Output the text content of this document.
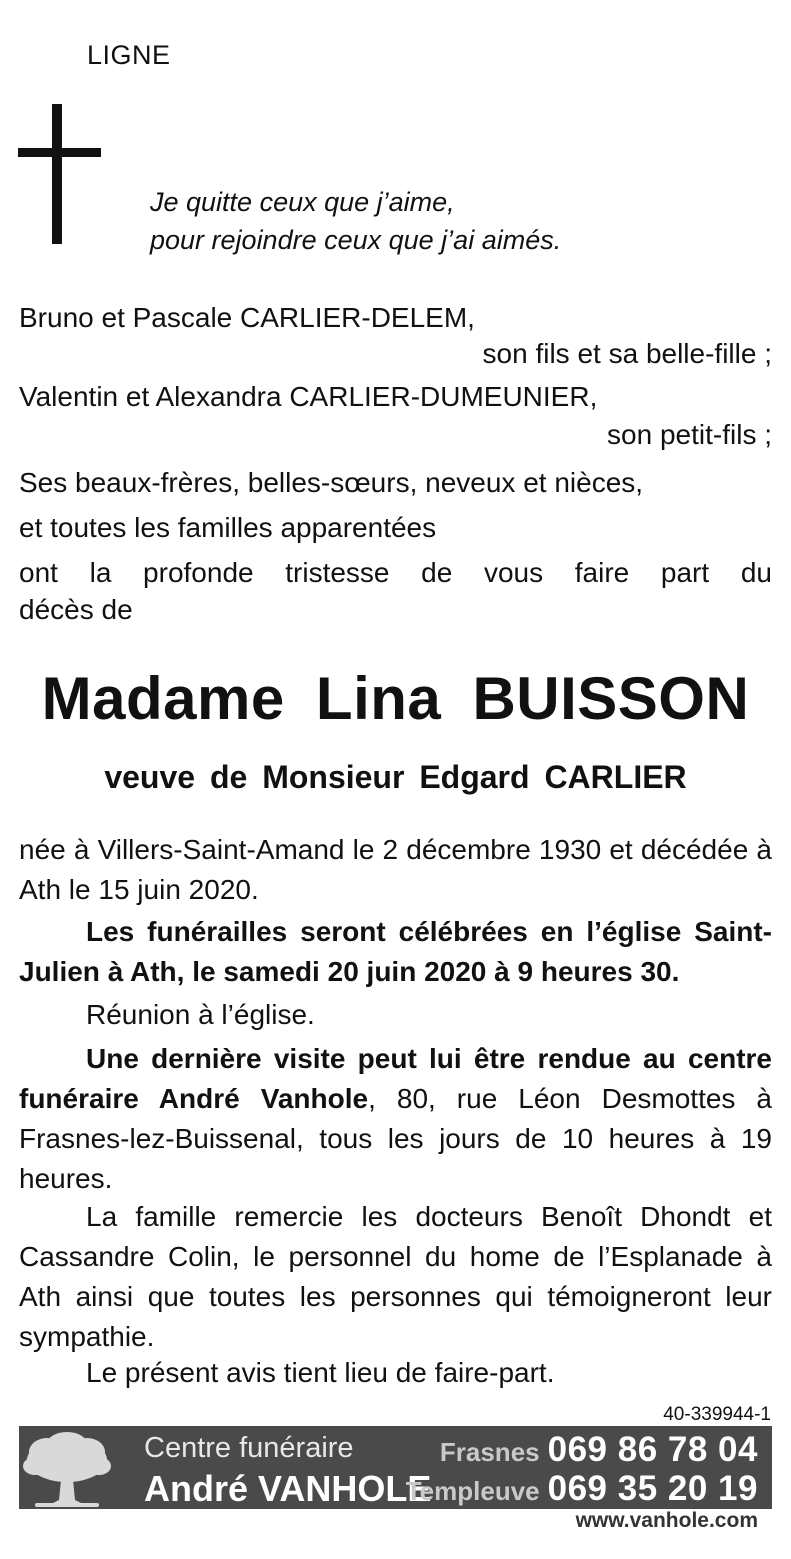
LIGNE
Je quitte ceux que j’aime,
pour rejoindre ceux que j’ai aimés.
Bruno et Pascale CARLIER-DELEM,
son fils et sa belle-fille ;
Valentin et Alexandra CARLIER-DUMEUNIER,
son petit-fils ;
Ses beaux-frères, belles-sœurs, neveux et nièces,
et toutes les familles apparentées
ont la profonde tristesse de vous faire part du
décès de
Madame Lina BUISSON
veuve de Monsieur Edgard CARLIER
née à Villers-Saint-Amand le 2 décembre 1930 et décédée à Ath le 15 juin 2020.
Les funérailles seront célébrées en l’église Saint-Julien à Ath, le samedi 20 juin 2020 à 9 heures 30.
Réunion à l’église.
Une dernière visite peut lui être rendue au centre funéraire André Vanhole, 80, rue Léon Desmottes à Frasnes-lez-Buissenal, tous les jours de 10 heures à 19 heures.
La famille remercie les docteurs Benoît Dhondt et Cassandre Colin, le personnel du home de l’Esplanade à Ath ainsi que toutes les personnes qui témoigneront leur sympathie.
Le présent avis tient lieu de faire-part.
40-339944-1
Centre funéraire
André VANHOLE
Frasnes 069 86 78 04
Templeuve 069 35 20 19
www.vanhole.com
